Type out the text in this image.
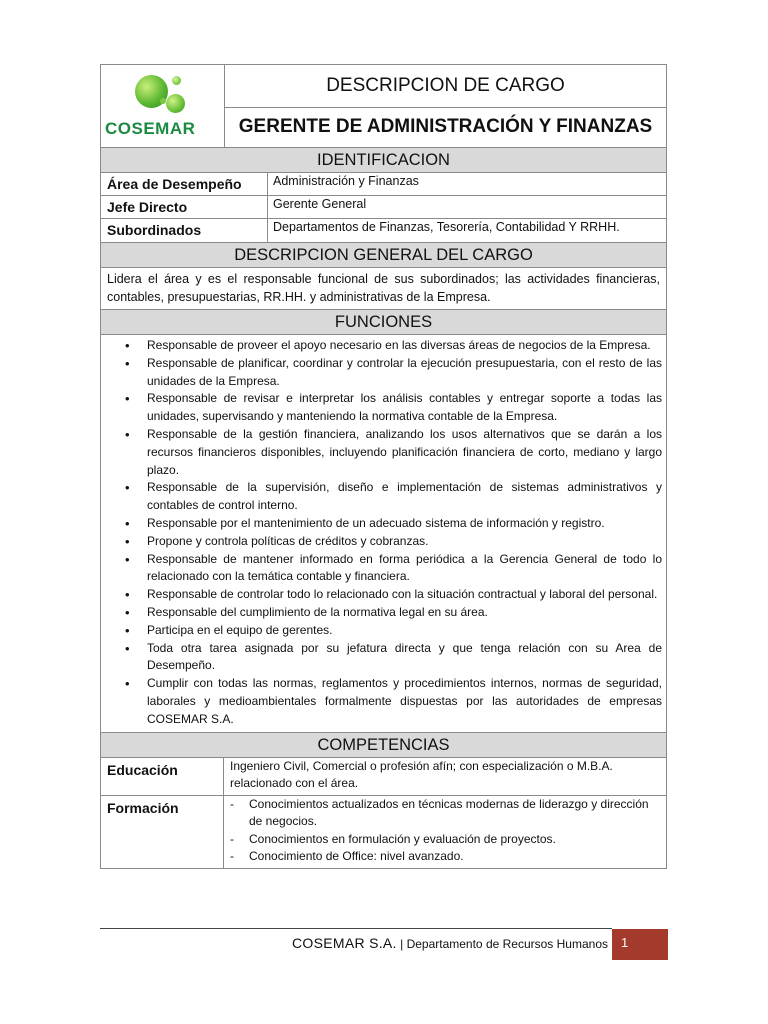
COSEMAR
DESCRIPCION DE CARGO
GERENTE DE ADMINISTRACIÓN Y FINANZAS
IDENTIFICACION
Área de Desempeño	Administración y Finanzas
Jefe Directo	Gerente General
Subordinados	Departamentos de Finanzas, Tesorería, Contabilidad Y RRHH.
DESCRIPCION GENERAL DEL CARGO
Lidera el área y es el responsable funcional de sus subordinados; las actividades financieras, contables, presupuestarias, RR.HH. y administrativas de la Empresa.
FUNCIONES
• Responsable de proveer el apoyo necesario en las diversas áreas de negocios de la Empresa.
• Responsable de planificar, coordinar y controlar la ejecución presupuestaria, con el resto de las unidades de la Empresa.
• Responsable de revisar e interpretar los análisis contables y entregar soporte a todas las unidades, supervisando y manteniendo la normativa contable de la Empresa.
• Responsable de la gestión financiera, analizando los usos alternativos que se darán a los recursos financieros disponibles, incluyendo planificación financiera de corto, mediano y largo plazo.
• Responsable de la supervisión, diseño e implementación de sistemas administrativos y contables de control interno.
• Responsable por el mantenimiento de un adecuado sistema de información y registro.
• Propone y controla políticas de créditos y cobranzas.
• Responsable de mantener informado en forma periódica a la Gerencia General de todo lo relacionado con la temática contable y financiera.
• Responsable de controlar todo lo relacionado con la situación contractual y laboral del personal.
• Responsable del cumplimiento de la normativa legal en su área.
• Participa en el equipo de gerentes.
• Toda otra tarea asignada por su jefatura directa y que tenga relación con su Area de Desempeño.
• Cumplir con todas las normas, reglamentos y procedimientos internos, normas de seguridad, laborales y medioambientales formalmente dispuestas por las autoridades de empresas COSEMAR S.A.
COMPETENCIAS
Educación	Ingeniero Civil, Comercial o profesión afín; con especialización o M.B.A. relacionado con el área.
Formación	- Conocimientos actualizados en técnicas modernas de liderazgo y dirección de negocios.
- Conocimientos en formulación y evaluación de proyectos.
- Conocimiento de Office: nivel avanzado.
COSEMAR S.A. | Departamento de Recursos Humanos	1
